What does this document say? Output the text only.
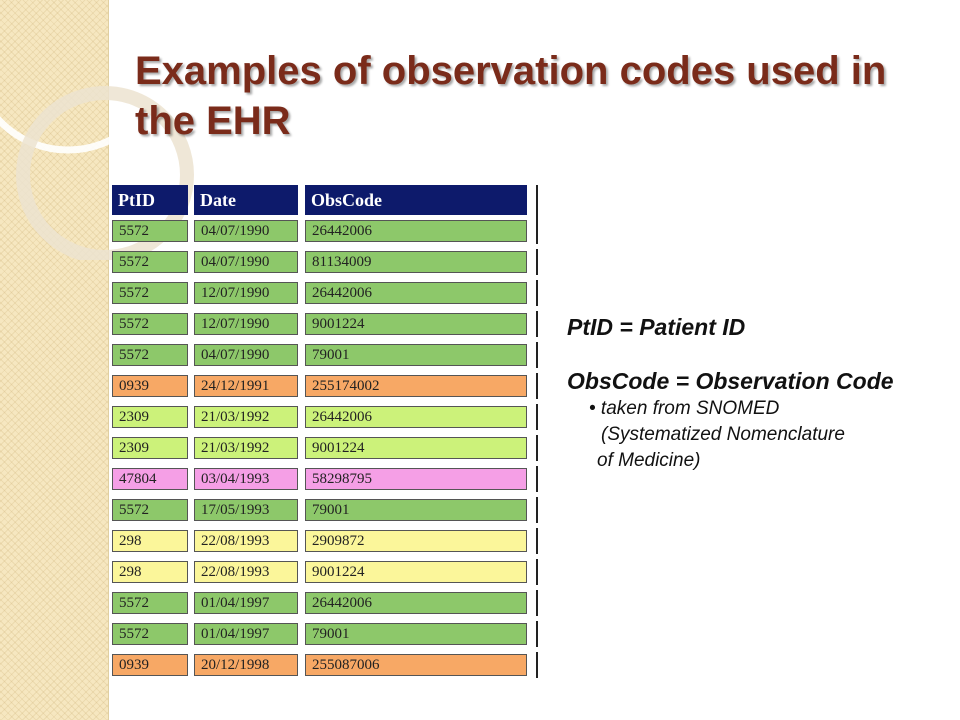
Examples of observation codes used in the EHR
PtID	Date	ObsCode
5572	04/07/1990	26442006
5572	04/07/1990	81134009
5572	12/07/1990	26442006
5572	12/07/1990	9001224
5572	04/07/1990	79001
0939	24/12/1991	255174002
2309	21/03/1992	26442006
2309	21/03/1992	9001224
47804	03/04/1993	58298795
5572	17/05/1993	79001
298	22/08/1993	2909872
298	22/08/1993	9001224
5572	01/04/1997	26442006
5572	01/04/1997	79001
0939	20/12/1998	255087006
PtID = Patient ID
ObsCode = Observation Code
• taken from SNOMED
(Systematized Nomenclature
of Medicine)
